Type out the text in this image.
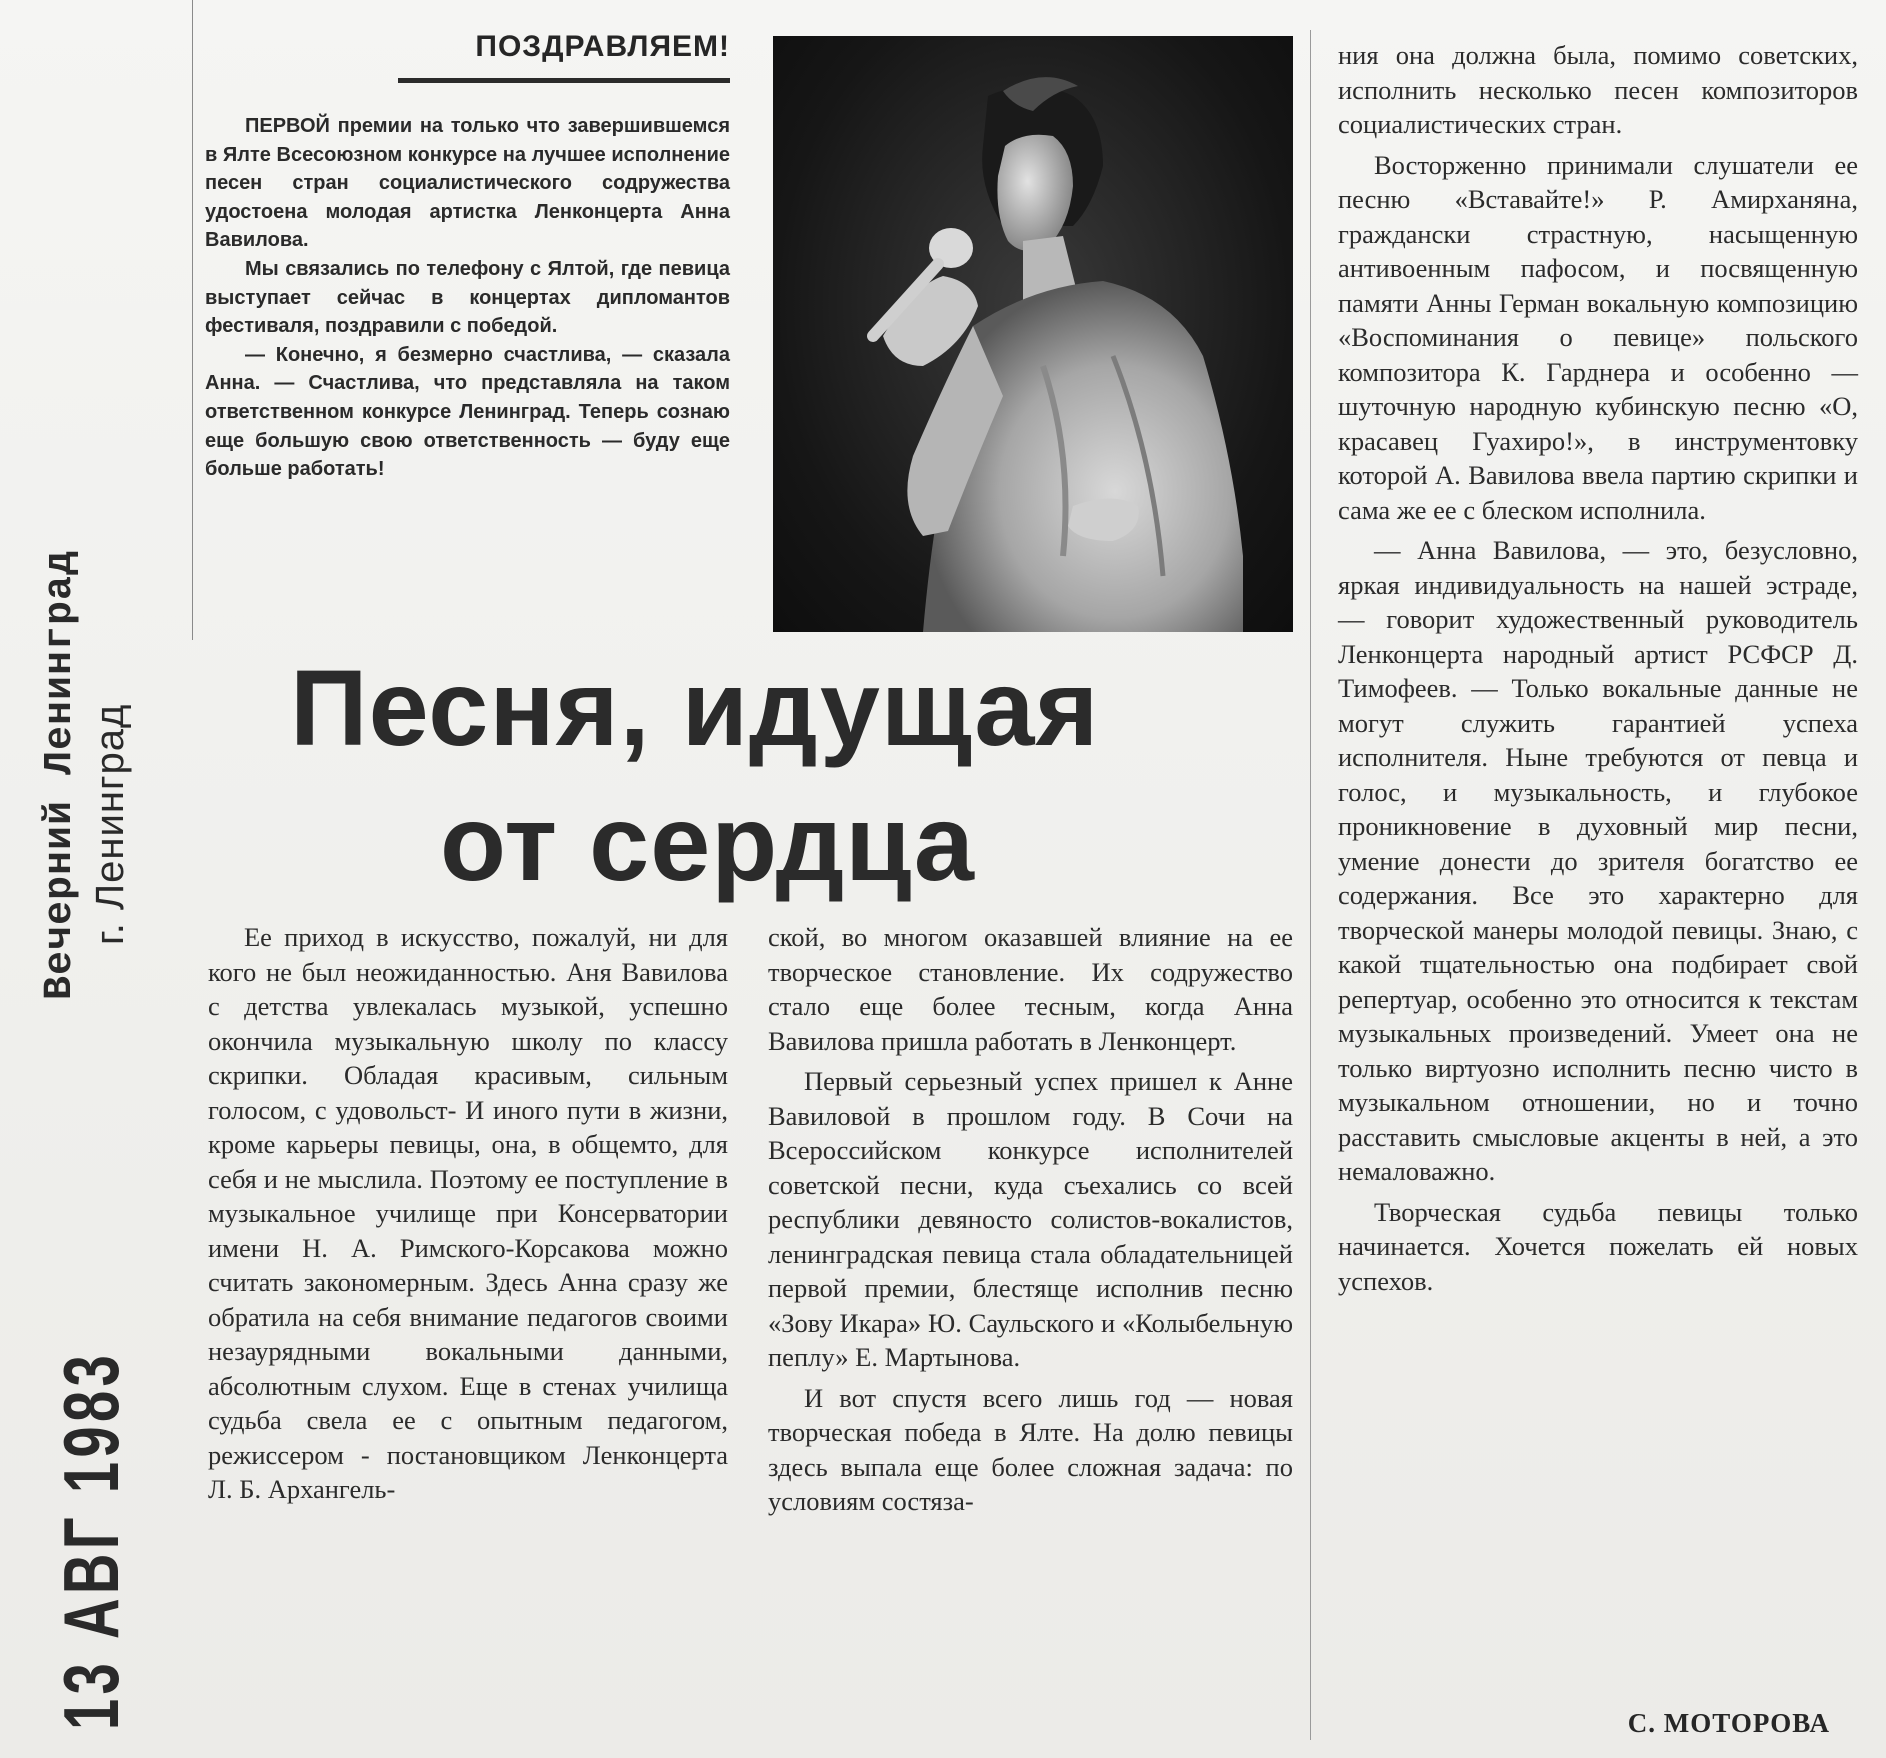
Вечерний Ленинград г. Ленинград
13 АВГ 1983
ПОЗДРАВЛЯЕМ!

ПЕРВОЙ премии на только что завершившемся в Ялте Всесоюзном конкурсе на лучшее исполнение песен стран социалистического содружества удостоена молодая артистка Ленконцерта Анна Вавилова.

Мы связались по телефону с Ялтой, где певица выступает сейчас в концертах дипломантов фестиваля, поздравили с победой.

— Конечно, я безмерно счастлива, — сказала Анна. — Счастлива, что представляла на таком ответственном конкурсе Ленинград. Теперь сознаю еще большую свою ответственность — буду еще больше работать!

Песня, идущая
от сердца

Ее приход в искусство, пожалуй, ни для кого не был неожиданностью. Аня Вавилова с детства увлекалась музыкой, успешно окончила музыкальную школу по классу скрипки. Обладая красивым, сильным голосом, с удовольст- И иного пути в жизни, кроме карьеры певицы, она, в общемто, для себя и не мыслила. Поэтому ее поступление в музыкальное училище при Консерватории имени Н. А. Римского-Корсакова можно считать закономерным. Здесь Анна сразу же обратила на себя внимание педагогов своими незаурядными вокальными данными, абсолютным слухом. Еще в стенах училища судьба свела ее с опытным педагогом, режиссером - постановщиком Ленконцерта Л. Б. Архангель-

ской, во многом оказавшей влияние на ее творческое становление. Их содружество стало еще более тесным, когда Анна Вавилова пришла работать в Ленконцерт.

Первый серьезный успех пришел к Анне Вавиловой в прошлом году. В Сочи на Всероссийском конкурсе исполнителей советской песни, куда съехались со всей республики девяносто солистов-вокалистов, ленинградская певица стала обладательницей первой премии, блестяще исполнив песню «Зову Икара» Ю. Саульского и «Колыбельную пеплу» Е. Мартынова.

И вот спустя всего лишь год — новая творческая победа в Ялте. На долю певицы здесь выпала еще более сложная задача: по условиям состяза-

ния она должна была, помимо советских, исполнить несколько песен композиторов социалистических стран.

Восторженно принимали слушатели ее песню «Вставайте!» Р. Амирханяна, граждански страстную, насыщенную антивоенным пафосом, и посвященную памяти Анны Герман вокальную композицию «Воспоминания о певице» польского композитора К. Гарднера и особенно — шуточную народную кубинскую песню «О, красавец Гуахиро!», в инструментовку которой А. Вавилова ввела партию скрипки и сама же ее с блеском исполнила.

— Анна Вавилова, — это, безусловно, яркая индивидуальность на нашей эстраде, — говорит художественный руководитель Ленконцерта народный артист РСФСР Д. Тимофеев. — Только вокальные данные не могут служить гарантией успеха исполнителя. Ныне требуются от певца и голос, и музыкальность, и глубокое проникновение в духовный мир песни, умение донести до зрителя богатство ее содержания. Все это характерно для творческой манеры молодой певицы. Знаю, с какой тщательностью она подбирает свой репертуар, особенно это относится к текстам музыкальных произведений. Умеет она не только виртуозно исполнить песню чисто в музыкальном отношении, но и точно расставить смысловые акценты в ней, а это немаловажно.

Творческая судьба певицы только начинается. Хочется пожелать ей новых успехов.

С. МОТОРОВА
